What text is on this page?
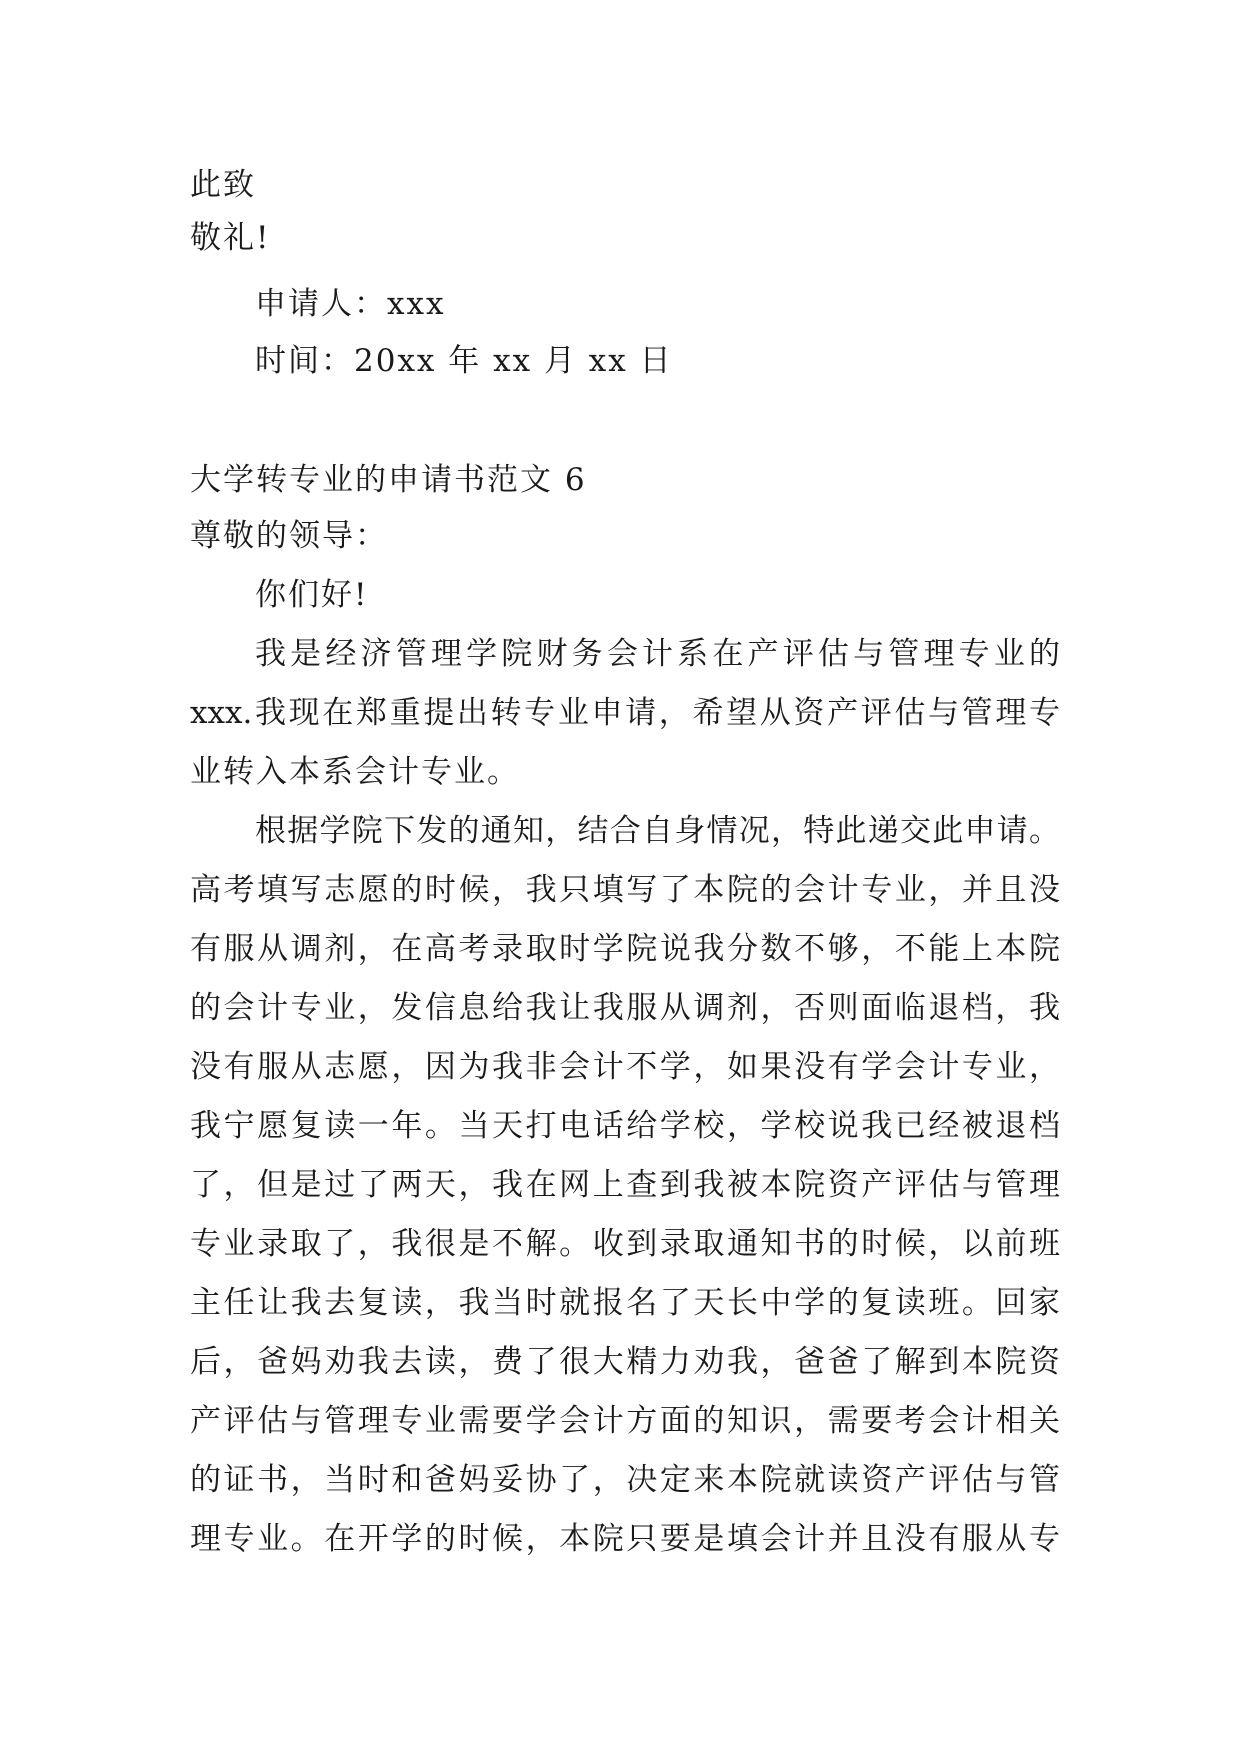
此致
敬礼!
申请人：xxx
时间：20xx 年 xx 月 xx 日
大学转专业的申请书范文 6
尊敬的领导：
你们好!
我是经济管理学院财务会计系在产评估与管理专业的
xxx.我现在郑重提出转专业申请，希望从资产评估与管理专
业转入本系会计专业。
根据学院下发的通知，结合自身情况，特此递交此申请。
高考填写志愿的时候，我只填写了本院的会计专业，并且没
有服从调剂，在高考录取时学院说我分数不够，不能上本院
的会计专业，发信息给我让我服从调剂，否则面临退档，我
没有服从志愿，因为我非会计不学，如果没有学会计专业，
我宁愿复读一年。当天打电话给学校，学校说我已经被退档
了，但是过了两天，我在网上查到我被本院资产评估与管理
专业录取了，我很是不解。收到录取通知书的时候，以前班
主任让我去复读，我当时就报名了天长中学的复读班。回家
后，爸妈劝我去读，费了很大精力劝我，爸爸了解到本院资
产评估与管理专业需要学会计方面的知识，需要考会计相关
的证书，当时和爸妈妥协了，决定来本院就读资产评估与管
理专业。在开学的时候，本院只要是填会计并且没有服从专
